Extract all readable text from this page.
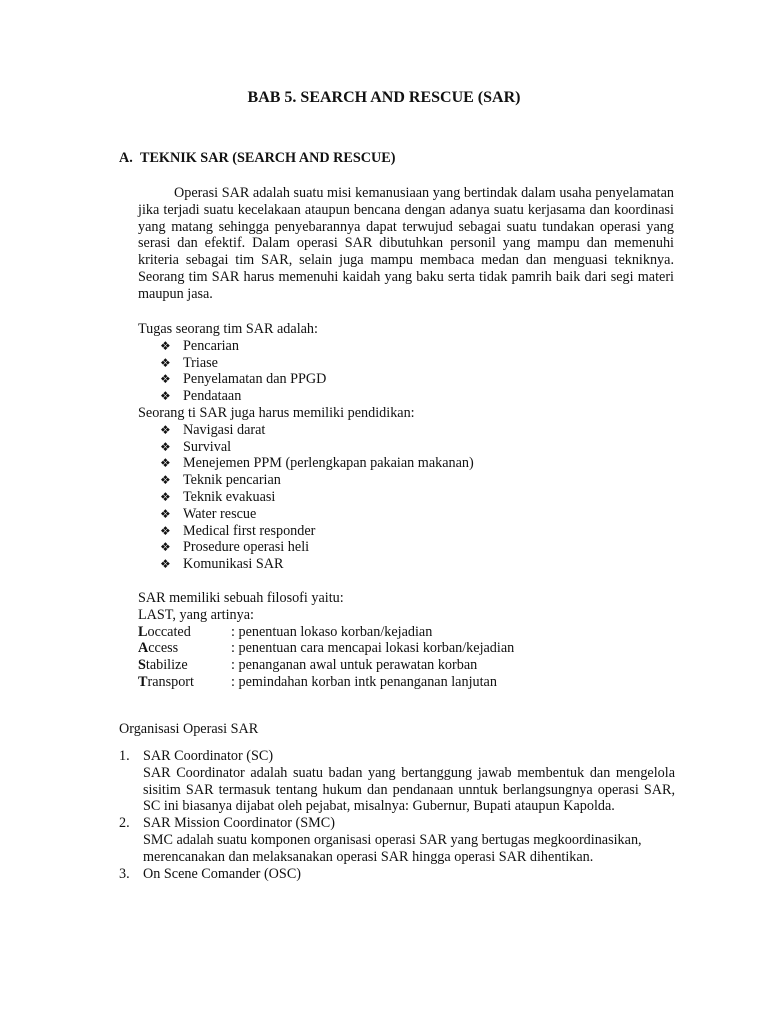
BAB 5. SEARCH AND RESCUE (SAR)
A. TEKNIK SAR (SEARCH AND RESCUE)

Operasi SAR adalah suatu misi kemanusiaan yang bertindak dalam usaha penyelamatan jika terjadi suatu kecelakaan ataupun bencana dengan adanya suatu kerjasama dan koordinasi yang matang sehingga penyebarannya dapat terwujud sebagai suatu tundakan operasi yang serasi dan efektif. Dalam operasi SAR dibutuhkan personil yang mampu dan memenuhi kriteria sebagai tim SAR, selain juga mampu membaca medan dan menguasi tekniknya. Seorang tim SAR harus memenuhi kaidah yang baku serta tidak pamrih baik dari segi materi maupun jasa.

Tugas seorang tim SAR adalah:
❖ Pencarian
❖ Triase
❖ Penyelamatan dan PPGD
❖ Pendataan
Seorang ti SAR juga harus memiliki pendidikan:
❖ Navigasi darat
❖ Survival
❖ Menejemen PPM (perlengkapan pakaian makanan)
❖ Teknik pencarian
❖ Teknik evakuasi
❖ Water rescue
❖ Medical first responder
❖ Prosedure operasi heli
❖ Komunikasi SAR
SAR memiliki sebuah filosofi yaitu:
LAST, yang artinya:
Loccated	: penentuan lokaso korban/kejadian
Access	: penentuan cara mencapai lokasi korban/kejadian
Stabilize	: penanganan awal untuk perawatan korban
Transport	: pemindahan korban intk penanganan lanjutan
Organisasi Operasi SAR
1. SAR Coordinator (SC)
SAR Coordinator adalah suatu badan yang bertanggung jawab membentuk dan mengelola sisitim SAR termasuk tentang hukum dan pendanaan unntuk berlangsungnya operasi SAR, SC ini biasanya dijabat oleh pejabat, misalnya: Gubernur, Bupati ataupun Kapolda.
2. SAR Mission Coordinator (SMC)
SMC adalah suatu komponen organisasi operasi SAR yang bertugas megkoordinasikan, merencanakan dan melaksanakan operasi SAR hingga operasi SAR dihentikan.
3. On Scene Comander (OSC)
